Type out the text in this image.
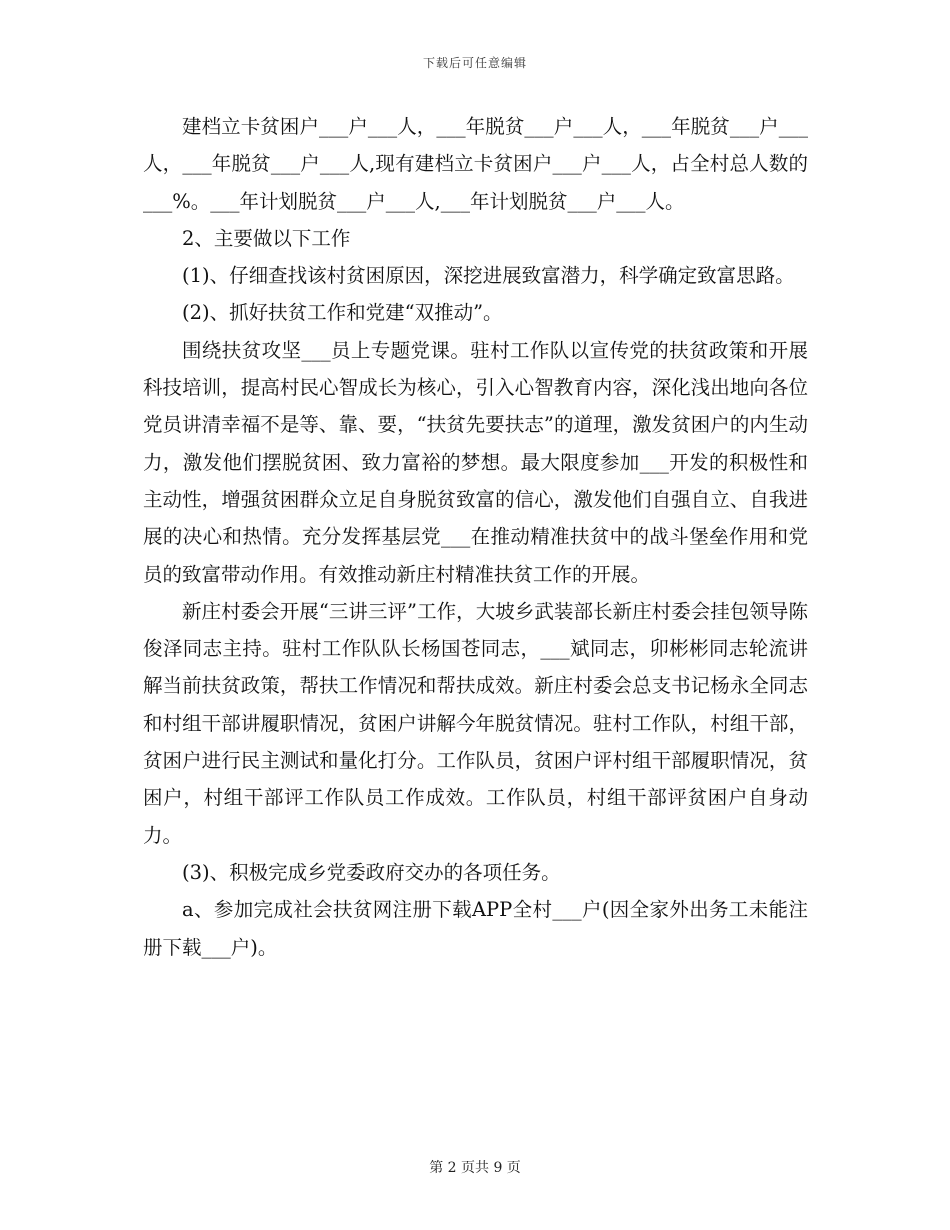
下载后可任意编辑

建档立卡贫困户___户___人，___年脱贫___户___人，___年脱贫___户___人，___年脱贫___户___人,现有建档立卡贫困户___户___人，占全村总人数的___%。___年计划脱贫___户___人,___年计划脱贫___户___人。

2、主要做以下工作

(1)、仔细查找该村贫困原因，深挖进展致富潜力，科学确定致富思路。

(2)、抓好扶贫工作和党建“双推动”。

围绕扶贫攻坚___员上专题党课。驻村工作队以宣传党的扶贫政策和开展科技培训，提高村民心智成长为核心，引入心智教育内容，深化浅出地向各位党员讲清幸福不是等、靠、要，“扶贫先要扶志”的道理，激发贫困户的内生动力，激发他们摆脱贫困、致力富裕的梦想。最大限度参加___开发的积极性和主动性，增强贫困群众立足自身脱贫致富的信心，激发他们自强自立、自我进展的决心和热情。充分发挥基层党___在推动精准扶贫中的战斗堡垒作用和党员的致富带动作用。有效推动新庄村精准扶贫工作的开展。

新庄村委会开展“三讲三评”工作，大坡乡武装部长新庄村委会挂包领导陈俊泽同志主持。驻村工作队队长杨国苍同志，___斌同志，卯彬彬同志轮流讲解当前扶贫政策，帮扶工作情况和帮扶成效。新庄村委会总支书记杨永全同志和村组干部讲履职情况，贫困户讲解今年脱贫情况。驻村工作队，村组干部，贫困户进行民主测试和量化打分。工作队员，贫困户评村组干部履职情况，贫困户，村组干部评工作队员工作成效。工作队员，村组干部评贫困户自身动力。

(3)、积极完成乡党委政府交办的各项任务。

a、参加完成社会扶贫网注册下载APP全村___户(因全家外出务工未能注册下载___户)。

第 2 页共 9 页
